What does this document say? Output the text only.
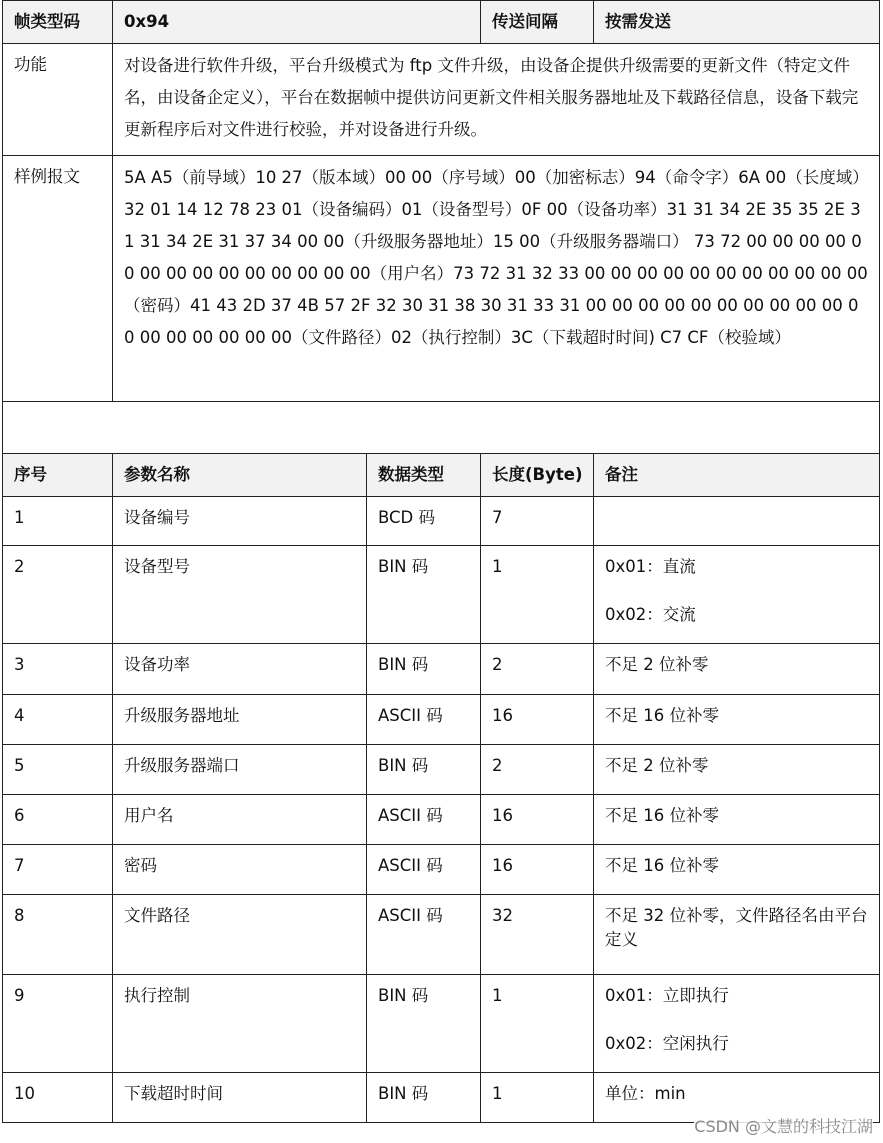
帧类型码	0x94		传送间隔	按需发送
功能	对设备进行软件升级，平台升级模式为 ftp 文件升级，由设备企提供升级需要的更新文件（特定文件名，由设备企定义），平台在数据帧中提供访问更新文件相关服务器地址及下载路径信息，设备下载完更新程序后对文件进行校验，并对设备进行升级。			
样例报文	5A A5（前导域）10 27（版本域）00 00（序号域）00（加密标志）94（命令字）6A 00（长度域）32 01 14 12 78 23 01（设备编码）01（设备型号）0F 00（设备功率）31 31 34 2E 35 35 2E 31 31 34 2E 31 37 34 00 00（升级服务器地址）15 00（升级服务器端口） 73 72 00 00 00 00 00 00 00 00 00 00 00 00 00 00（用户名）73 72 31 32 33 00 00 00 00 00 00 00 00 00 00 00（密码）41 43 2D 37 4B 57 2F 32 30 31 38 30 31 33 31 00 00 00 00 00 00 00 00 00 00 00 00 00 00 00 00 00（文件路径）02（执行控制）3C（下载超时时间) C7 CF（校验域）			

序号	参数名称	数据类型	长度(Byte)	备注
1	设备编号	BCD 码	7	
2	设备型号	BIN 码	1	0x01：直流

0x02：交流

3	设备功率	BIN 码	2	不足 2 位补零

4	升级服务器地址	ASCII 码	16	不足 16 位补零

5	升级服务器端口	BIN 码	2	不足 2 位补零

6	用户名	ASCII 码	16	不足 16 位补零

7	密码	ASCII 码	16	不足 16 位补零

8	文件路径	ASCII 码	32	不足 32 位补零，文件路径名由平台定义

9	执行控制	BIN 码	1	0x01：立即执行

0x02：空闲执行

10	下载超时时间	BIN 码	1	单位：min

CSDN @文慧的科技江湖
